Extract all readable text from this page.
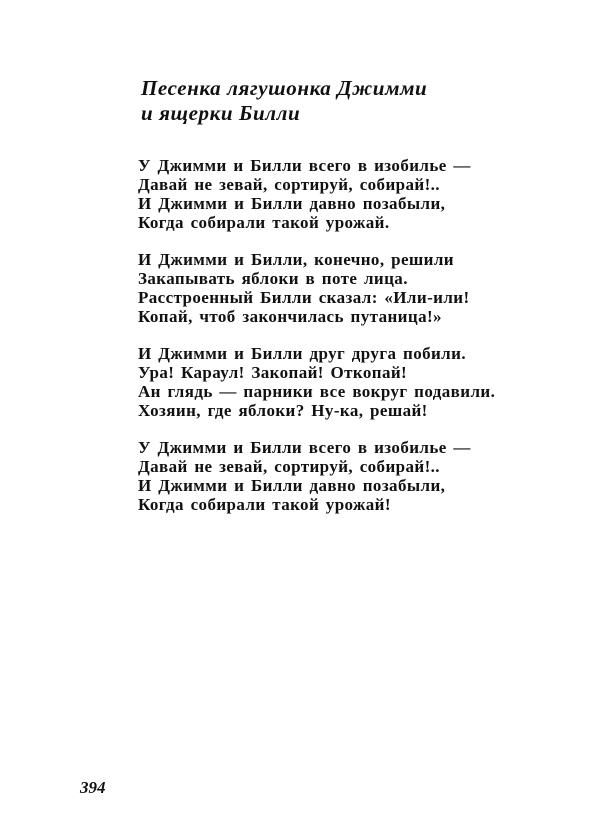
Песенка лягушонка Джимми
и ящерки Билли
У Джимми и Билли всего в изобилье —
Давай не зевай, сортируй, собирай!..
И Джимми и Билли давно позабыли,
Когда собирали такой урожай.
И Джимми и Билли, конечно, решили
Закапывать яблоки в поте лица.
Расстроенный Билли сказал: «Или-или!
Копай, чтоб закончилась путаница!»
И Джимми и Билли друг друга побили.
Ура! Караул! Закопай! Откопай!
Ан глядь — парники все вокруг подавили.
Хозяин, где яблоки? Ну-ка, решай!
У Джимми и Билли всего в изобилье —
Давай не зевай, сортируй, собирай!..
И Джимми и Билли давно позабыли,
Когда собирали такой урожай!
394
